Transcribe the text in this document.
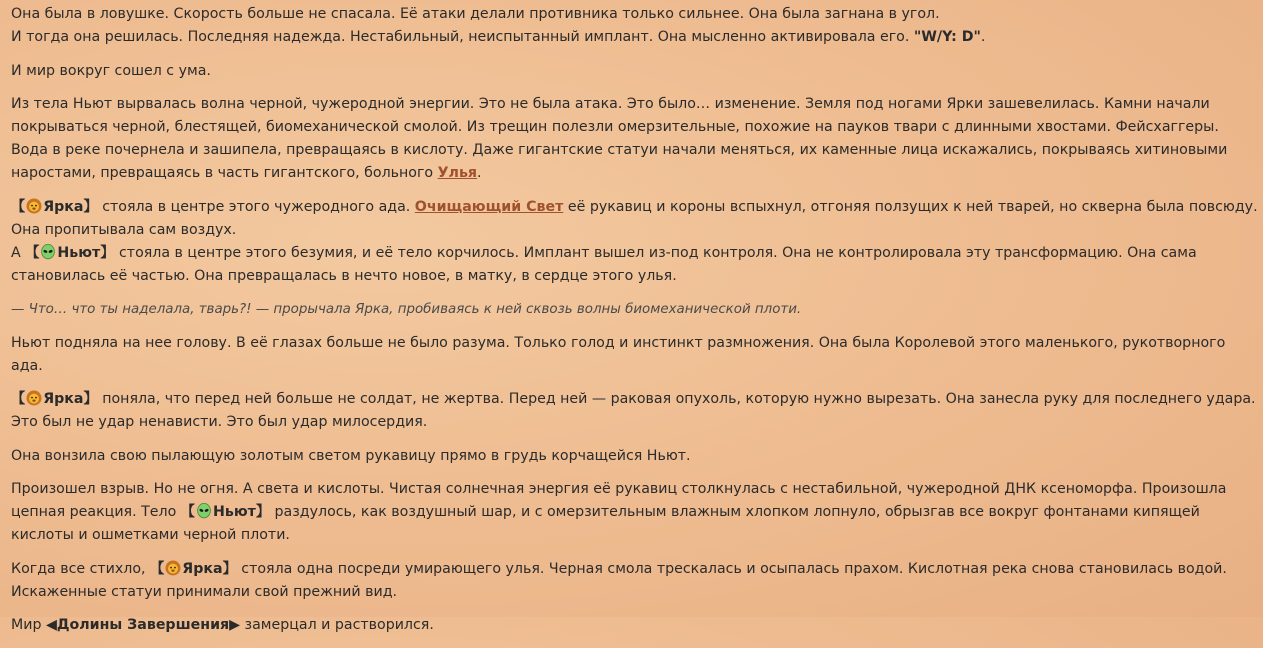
Она была в ловушке. Скорость больше не спасала. Её атаки делали противника только сильнее. Она была загнана в угол.
И тогда она решилась. Последняя надежда. Нестабильный, неиспытанный имплант. Она мысленно активировала его. "W/Y: D".

И мир вокруг сошел с ума.

Из тела Ньют вырвалась волна черной, чужеродной энергии. Это не была атака. Это было… изменение. Земля под ногами Ярки зашевелилась. Камни начали покрываться черной, блестящей, биомеханической смолой. Из трещин полезли омерзительные, похожие на пауков твари с длинными хвостами. Фейсхаггеры. Вода в реке почернела и зашипела, превращаясь в кислоту. Даже гигантские статуи начали меняться, их каменные лица искажались, покрываясь хитиновыми наростами, превращаясь в часть гигантского, больного Улья.

【 Ярка】 стояла в центре этого чужеродного ада. Очищающий Свет её рукавиц и короны вспыхнул, отгоняя ползущих к ней тварей, но скверна была повсюду. Она пропитывала сам воздух.
А 【 Ньют】 стояла в центре этого безумия, и её тело корчилось. Имплант вышел из-под контроля. Она не контролировала эту трансформацию. Она сама становилась её частью. Она превращалась в нечто новое, в матку, в сердце этого улья.

— Что… что ты наделала, тварь?! — прорычала Ярка, пробиваясь к ней сквозь волны биомеханической плоти.

Ньют подняла на нее голову. В её глазах больше не было разума. Только голод и инстинкт размножения. Она была Королевой этого маленького, рукотворного ада.

【 Ярка】 поняла, что перед ней больше не солдат, не жертва. Перед ней — раковая опухоль, которую нужно вырезать. Она занесла руку для последнего удара. Это был не удар ненависти. Это был удар милосердия.

Она вонзила свою пылающую золотым светом рукавицу прямо в грудь корчащейся Ньют.

Произошел взрыв. Но не огня. А света и кислоты. Чистая солнечная энергия её рукавиц столкнулась с нестабильной, чужеродной ДНК ксеноморфа. Произошла цепная реакция. Тело 【 Ньют】 раздулось, как воздушный шар, и с омерзительным влажным хлопком лопнуло, обрызгав все вокруг фонтанами кипящей кислоты и ошметками черной плоти.

Когда все стихло, 【 Ярка】 стояла одна посреди умирающего улья. Черная смола трескалась и осыпалась прахом. Кислотная река снова становилась водой. Искаженные статуи принимали свой прежний вид.

Мир ◀Долины Завершения▶ замерцал и растворился.
